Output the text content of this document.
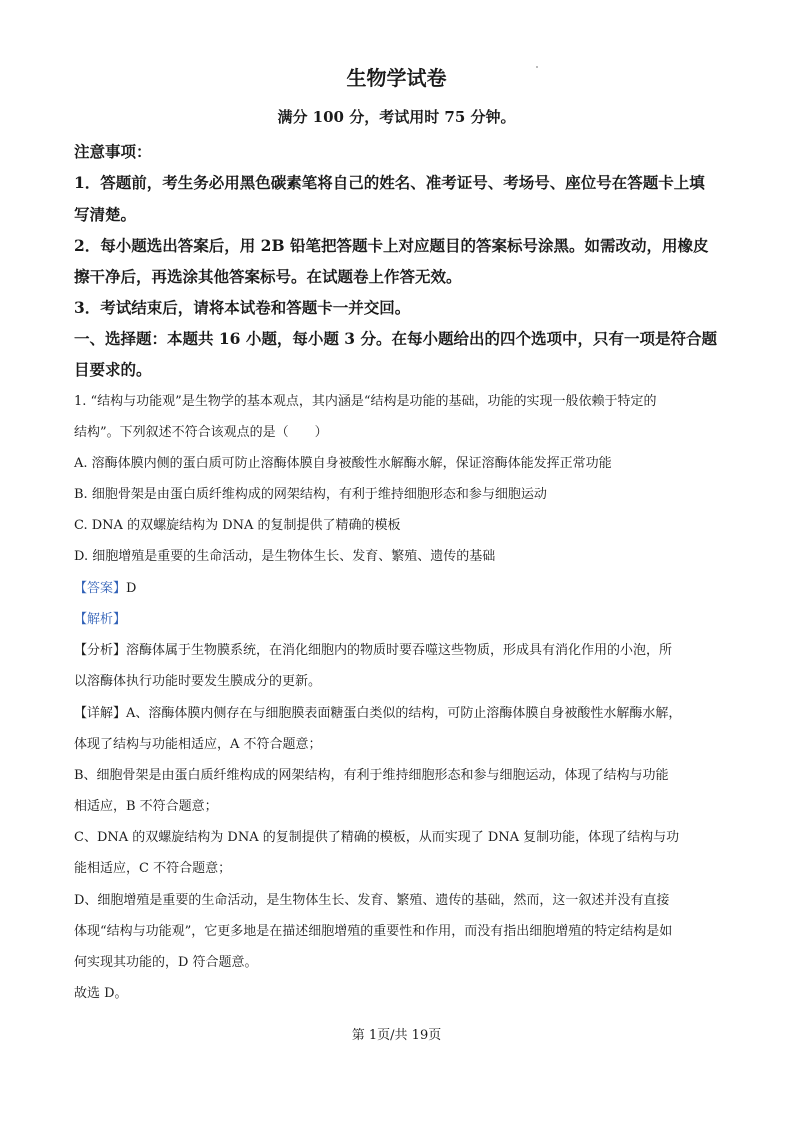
生物学试卷
满分 100 分，考试用时 75 分钟。
注意事项：
1．答题前，考生务必用黑色碳素笔将自己的姓名、准考证号、考场号、座位号在答题卡上填
写清楚。
2．每小题选出答案后，用 2B 铅笔把答题卡上对应题目的答案标号涂黑。如需改动，用橡皮
擦干净后，再选涂其他答案标号。在试题卷上作答无效。
3．考试结束后，请将本试卷和答题卡一并交回。
一、选择题：本题共 16 小题，每小题 3 分。在每小题给出的四个选项中，只有一项是符合题
目要求的。
1. “结构与功能观”是生物学的基本观点，其内涵是“结构是功能的基础，功能的实现一般依赖于特定的
结构”。下列叙述不符合该观点的是（　　）
A. 溶酶体膜内侧的蛋白质可防止溶酶体膜自身被酸性水解酶水解，保证溶酶体能发挥正常功能
B. 细胞骨架是由蛋白质纤维构成的网架结构，有利于维持细胞形态和参与细胞运动
C. DNA 的双螺旋结构为 DNA 的复制提供了精确的模板
D. 细胞增殖是重要的生命活动，是生物体生长、发育、繁殖、遗传的基础
【答案】D
【解析】
【分析】溶酶体属于生物膜系统，在消化细胞内的物质时要吞噬这些物质，形成具有消化作用的小泡，所
以溶酶体执行功能时要发生膜成分的更新。
【详解】A、溶酶体膜内侧存在与细胞膜表面糖蛋白类似的结构，可防止溶酶体膜自身被酸性水解酶水解，
体现了结构与功能相适应，A 不符合题意；
B、细胞骨架是由蛋白质纤维构成的网架结构，有利于维持细胞形态和参与细胞运动，体现了结构与功能
相适应，B 不符合题意；
C、DNA 的双螺旋结构为 DNA 的复制提供了精确的模板，从而实现了 DNA 复制功能，体现了结构与功
能相适应，C 不符合题意；
D、细胞增殖是重要的生命活动，是生物体生长、发育、繁殖、遗传的基础，然而，这一叙述并没有直接
体现“结构与功能观”，它更多地是在描述细胞增殖的重要性和作用，而没有指出细胞增殖的特定结构是如
何实现其功能的，D 符合题意。
故选 D。
第 1页/共 19页
